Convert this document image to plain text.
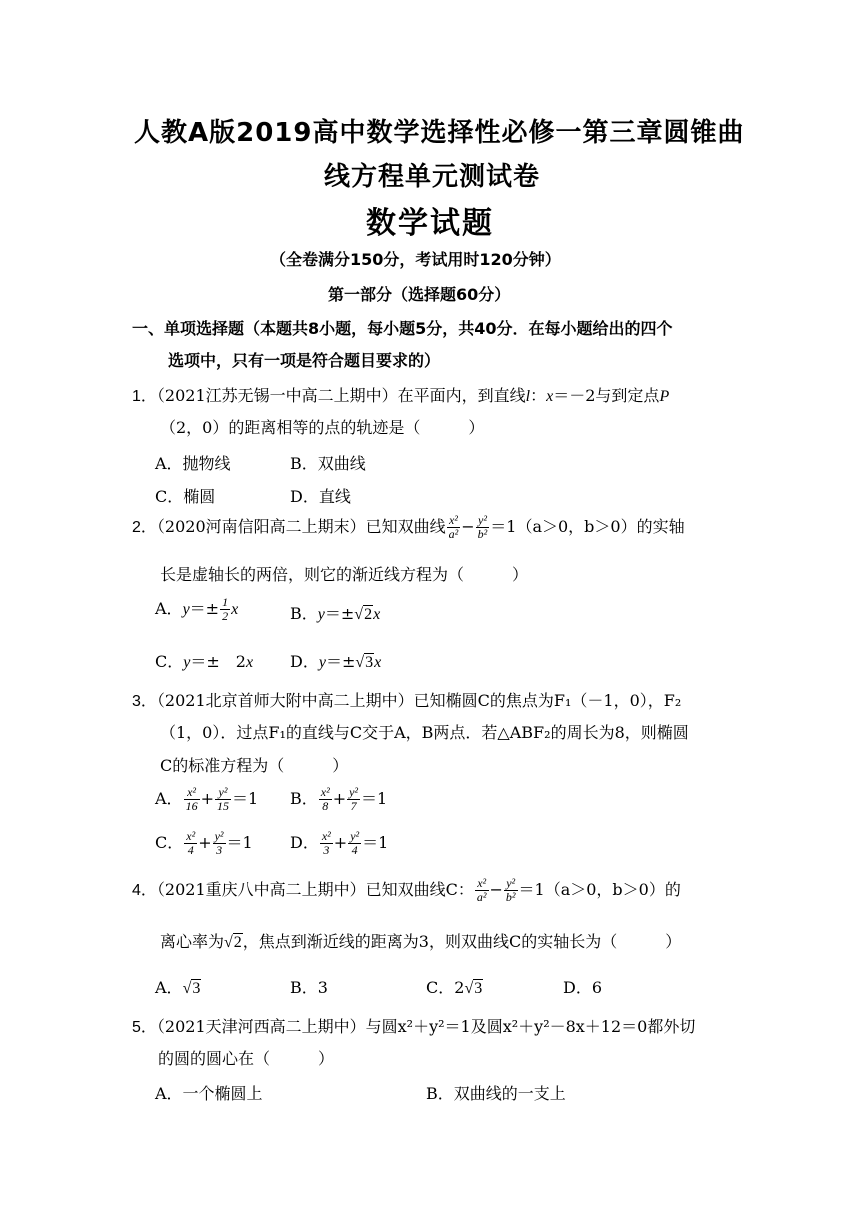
人教A版2019高中数学选择性必修一第三章圆锥曲
线方程单元测试卷
数学试题
（全卷满分150分，考试用时120分钟）
第一部分（选择题60分）
一、单项选择题（本题共8小题，每小题5分，共40分．在每小题给出的四个
选项中，只有一项是符合题目要求的）
1．（2021江苏无锡一中高二上期中）在平面内，到直线l：x＝－2与到定点P
（2，0）的距离相等的点的轨迹是（　　　）
A．抛物线	B．双曲线
C．椭圆	D．直线
2．（2020河南信阳高二上期末）已知双曲线 $\frac{\text{x²}}{\text{a²}} - \frac{\text{y²}}{\text{b²}} =1(a>0$，b＞0）的实轴
长是虚轴长的两倍，则它的渐近线方程为（　　　）
A．$y=\pm \frac{1}{2}$ x	B．y＝±√2x
C．y＝±　2x D．y＝±√3x
3．（2021北京首师大附中高二上期中）已知椭圆C的焦点为F₁（－1，0），F₂
（1，0）．过点F₁的直线与C交于A，B两点．若△ABF₂的周长为8，则椭圆
C的标准方程为（　　　）
A． $\frac{\text{x²}}{16} + \frac{\text{y²}}{15} =1$ B． $\frac{\text{x²}}{8} + \frac{\text{y²}}{7} =1$
C． $\frac{\text{x²}}{4} + \frac{\text{y²}}{3} =1$ D． $\frac{\text{x²}}{3} + \frac{\text{y²}}{4} =1$
4．（2021重庆八中高二上期中）已知双曲线C： $\frac{\text{x²}}{\text{a²}} - \frac{\text{y²}}{\text{b²}} =1(a>0$，b＞0）的
离心率为√2，焦点到渐近线的距离为3，则双曲线C的实轴长为（　　　）
A．√3	B．3	C．2√3	D．6
5．（2021天津河西高二上期中）与圆x²＋y²＝1及圆x²＋y²－8x＋12＝0都外切
的圆的圆心在（　　　）
A．一个椭圆上	B．双曲线的一支上
